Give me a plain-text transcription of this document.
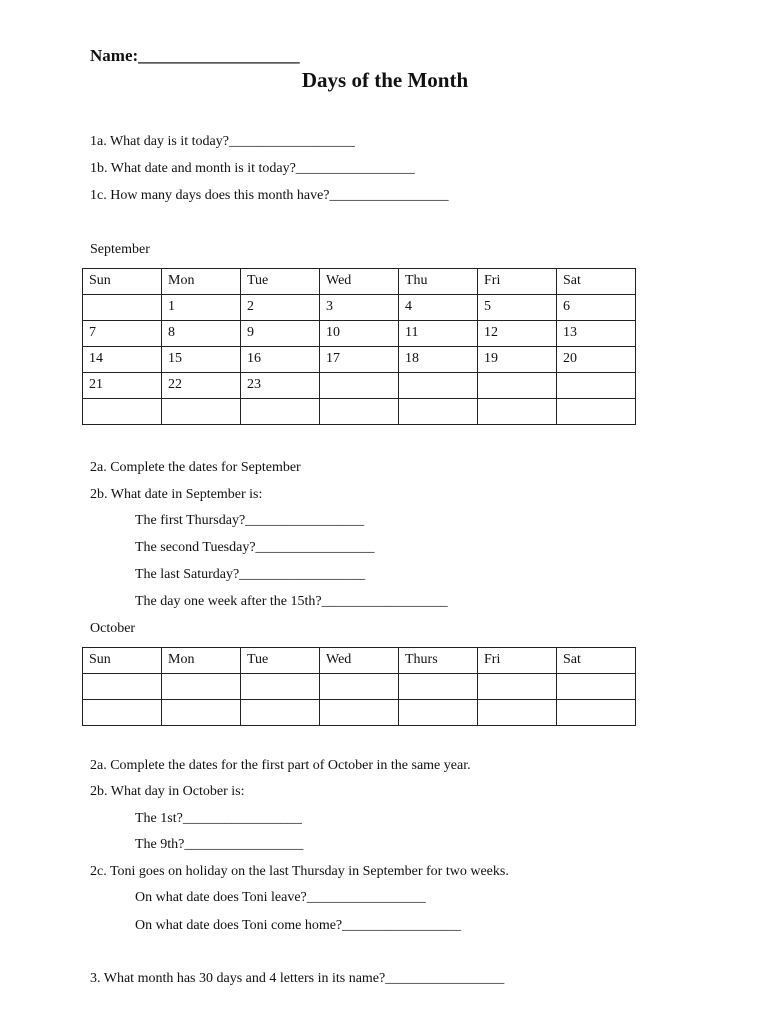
Name:___________________
Days of the Month
1a. What day is it today?__________________
1b. What date and month is it today?_________________
1c. How many days does this month have?_________________
September
Sun	Mon	Tue	Wed	Thu	Fri	Sat
	1	2	3	4	5	6
7	8	9	10	11	12	13
14	15	16	17	18	19	20
21	22	23				

2a. Complete the dates for September
2b. What date in September is:
The first Thursday?_________________
The second Tuesday?_________________
The last Saturday?__________________
The day one week after the 15th?__________________
October
Sun	Mon	Tue	Wed	Thurs	Fri	Sat

2a. Complete the dates for the first part of October in the same year.
2b. What day in October is:
The 1st?_________________
The 9th?_________________
2c. Toni goes on holiday on the last Thursday in September for two weeks.
On what date does Toni leave?_________________
On what date does Toni come home?_________________
3. What month has 30 days and 4 letters in its name?_________________
